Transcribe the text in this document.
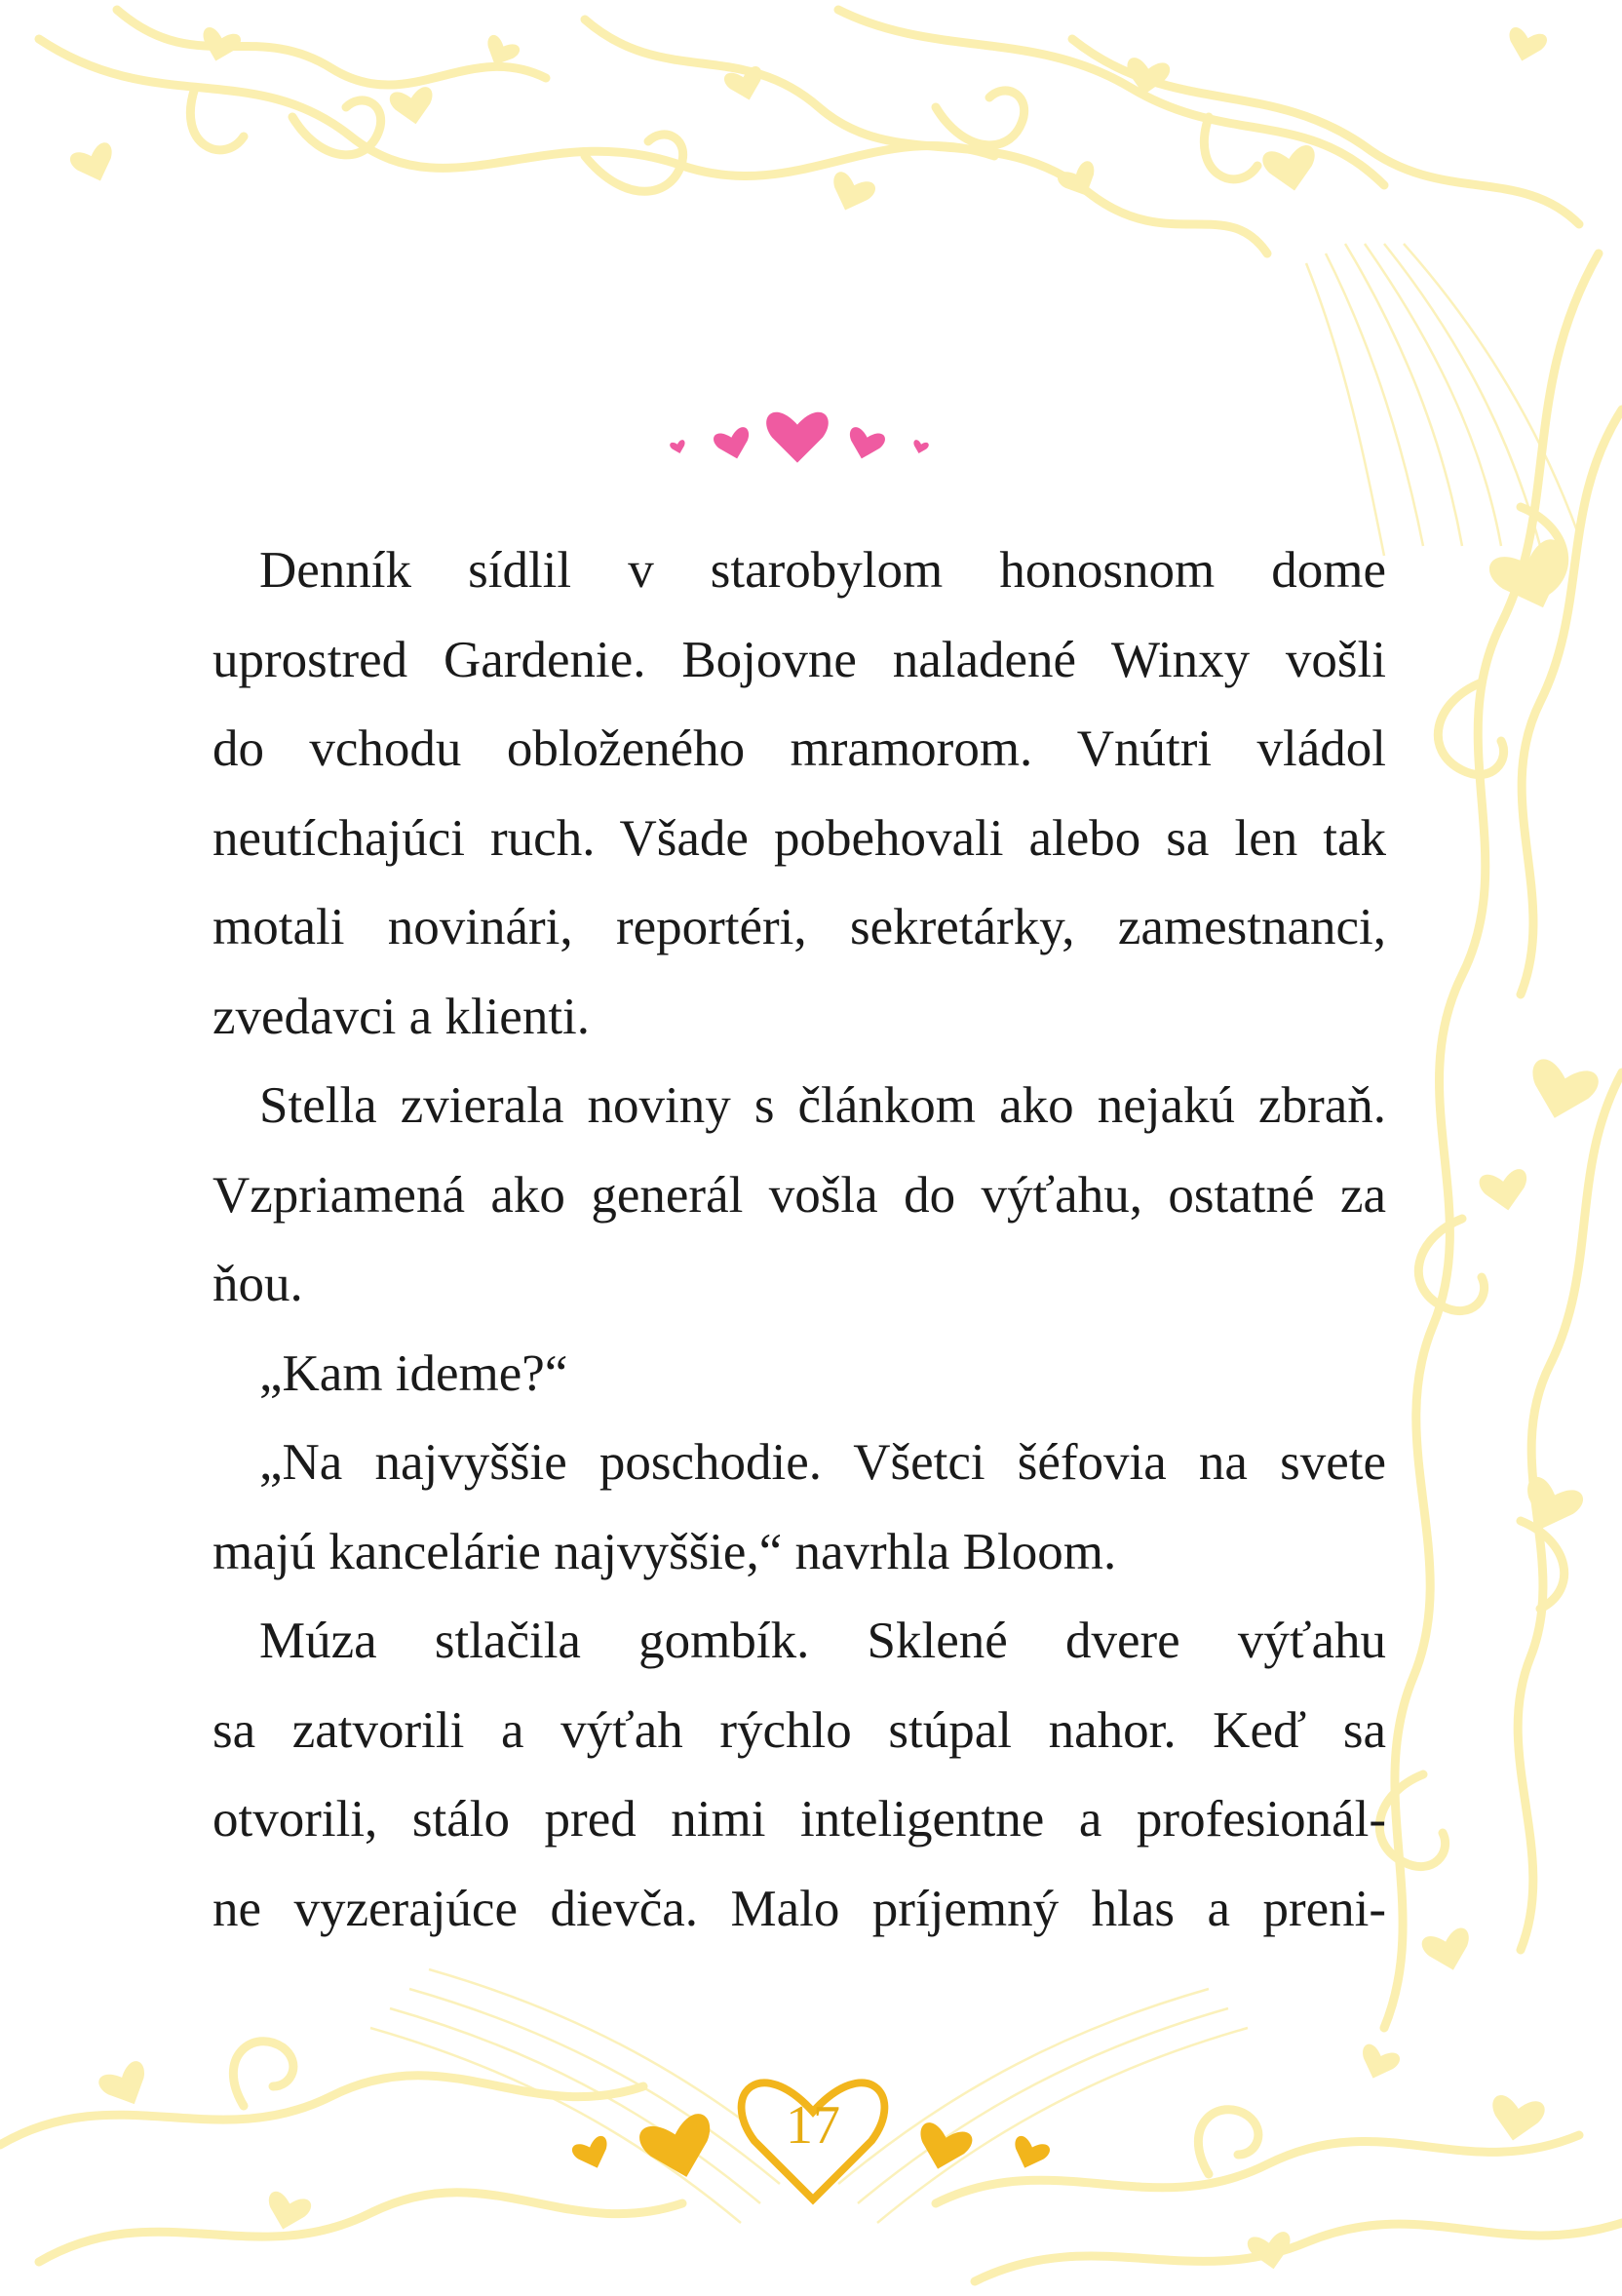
Denník sídlil v starobylom honosnom dome
uprostred Gardenie. Bojovne naladené Winxy vošli
do vchodu obloženého mramorom. Vnútri vládol
neutíchajúci ruch. Všade pobehovali alebo sa len tak
motali novinári, reportéri, sekretárky, zamestnanci,
zvedavci a klienti.
Stella zvierala noviny s článkom ako nejakú zbraň.
Vzpriamená ako generál vošla do výťahu, ostatné za
ňou.
„Kam ideme?“
„Na najvyššie poschodie. Všetci šéfovia na svete
majú kancelárie najvyššie,“ navrhla Bloom.
Múza stlačila gombík. Sklené dvere výťahu
sa zatvorili a výťah rýchlo stúpal nahor. Keď sa
otvorili, stálo pred nimi inteligentne a profesionál-
ne vyzerajúce dievča. Malo príjemný hlas a preni-
17
